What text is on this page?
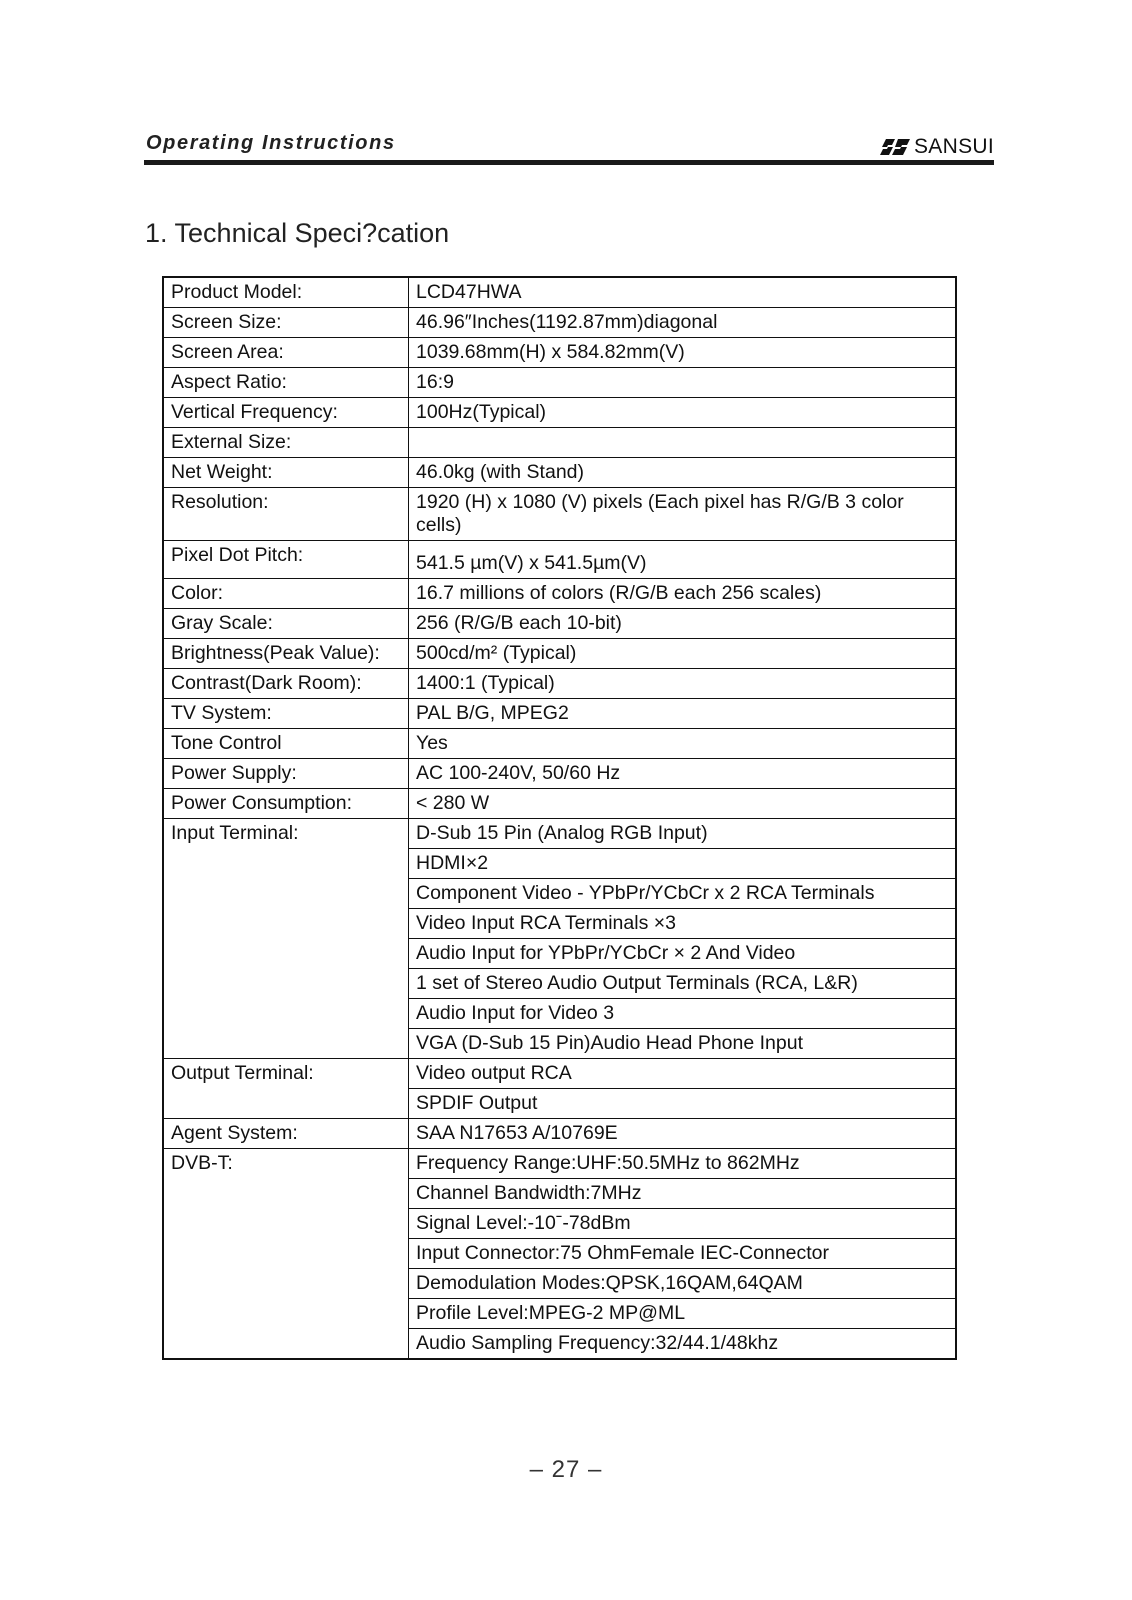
Operating Instructions	SANSUI
1. Technical Speci?cation
Product Model:	LCD47HWA
Screen Size:	46.96″Inches(1192.87mm)diagonal
Screen Area:	1039.68mm(H) x 584.82mm(V)
Aspect Ratio:	16:9
Vertical Frequency:	100Hz(Typical)
External Size:	
Net Weight:	46.0kg (with Stand)
Resolution:	1920 (H) x 1080 (V) pixels (Each pixel has R/G/B 3 color cells)
Pixel Dot Pitch:	541.5 µm(V) x 541.5µm(V)
Color:	16.7 millions of colors (R/G/B each 256 scales)
Gray Scale:	256 (R/G/B each 10-bit)
Brightness(Peak Value):	500cd/m² (Typical)
Contrast(Dark Room):	1400:1 (Typical)
TV System:	PAL B/G, MPEG2
Tone Control	Yes
Power Supply:	AC 100-240V, 50/60 Hz
Power Consumption:	< 280 W
Input Terminal:	D-Sub 15 Pin (Analog RGB Input)
	HDMI×2
	Component Video - YPbPr/YCbCr x 2 RCA Terminals
	Video Input RCA Terminals ×3
	Audio Input for YPbPr/YCbCr × 2 And Video
	1 set of Stereo Audio Output Terminals (RCA, L&R)
	Audio Input for Video 3
	VGA (D-Sub 15 Pin)Audio Head Phone Input
Output Terminal:	Video output RCA
	SPDIF Output
Agent System:	SAA N17653 A/10769E
DVB-T:	Frequency Range:UHF:50.5MHz to 862MHz
	Channel Bandwidth:7MHz
	Signal Level:-10ˉ-78dBm
	Input Connector:75 OhmFemale IEC-Connector
	Demodulation Modes:QPSK,16QAM,64QAM
	Profile Level:MPEG-2 MP@ML
	Audio Sampling Frequency:32/44.1/48khz
– 27 –
